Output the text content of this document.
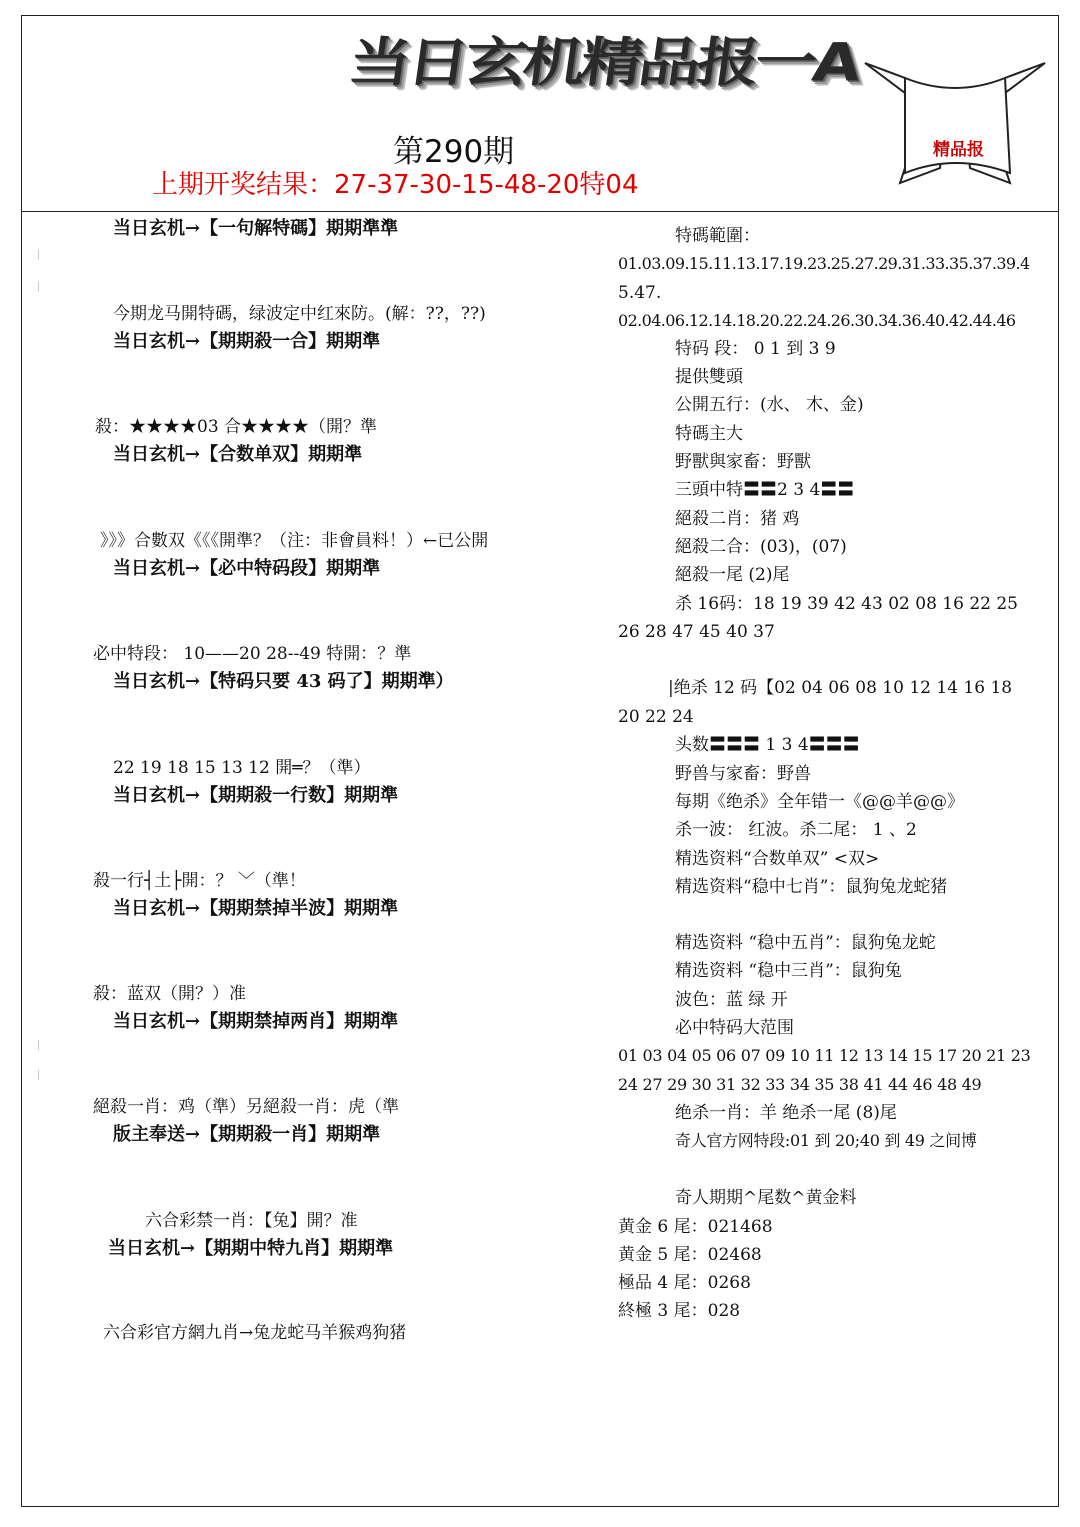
当日玄机精品报一A
第290期
上期开奖结果：27-37-30-15-48-20特04
精品报
当日玄机→【一句解特碼】期期準準
今期龙马開特碼，绿波定中红來防。(解：??，??)
当日玄机→【期期殺一合】期期準
殺：★★★★03 合★★★★（開？準
当日玄机→【合数单双】期期準
》》》合數双《《《開準？（注：非會員料！）←已公開
当日玄机→【必中特码段】期期準
必中特段： 10——20 28--49 特開：？準
当日玄机→【特码只要 43 码了】期期準）
22 19 18 15 13 12 開═？（準）
当日玄机→【期期殺一行数】期期準
殺一行┤土├開：？ ﹀（準！
当日玄机→【期期禁掉半波】期期準
殺：蓝双（開？）准
当日玄机→【期期禁掉两肖】期期準
絕殺一肖：鸡（準）另絕殺一肖：虎（準
版主奉送→【期期殺一肖】期期準
六合彩禁一肖：【兔】開？准
当日玄机→【期期中特九肖】期期準
六合彩官方網九肖→兔龙蛇马羊猴鸡狗猪
特碼範圍：
01.03.09.15.11.13.17.19.23.25.27.29.31.33.35.37.39.4
5.47.
02.04.06.12.14.18.20.22.24.26.30.34.36.40.42.44.46
特码 段： 0 1 到 3 9
提供雙頭
公開五行：(水、 木、金)
特碼主大
野獸與家畜：野獸
三頭中特〓〓2 3 4〓〓
絕殺二肖：猪 鸡
絕殺二合：(03)，(07)
絕殺一尾 (2)尾
杀 16码：18 19 39 42 43 02 08 16 22 25
26 28 47 45 40 37
|绝杀 12 码【02 04 06 08 10 12 14 16 18
20 22 24
头数〓〓〓 1 3 4〓〓〓
野兽与家畜：野兽
每期《绝杀》全年错一《@@羊@@》
杀一波： 红波。杀二尾： 1 、2
精选资料“合数单双” <双>
精选资料“稳中七肖”：鼠狗兔龙蛇猪
精选资料 “稳中五肖”：鼠狗兔龙蛇
精选资料 “稳中三肖”：鼠狗兔
波色：蓝 绿 开
必中特码大范围
01 03 04 05 06 07 09 10 11 12 13 14 15 17 20 21 23
24 27 29 30 31 32 33 34 35 38 41 44 46 48 49
绝杀一肖：羊 绝杀一尾 (8)尾
奇人官方网特段:01 到 20;40 到 49 之间博
奇人期期^尾数^黄金料
黄金 6 尾：021468
黄金 5 尾：02468
極品 4 尾：0268
終極 3 尾：028
